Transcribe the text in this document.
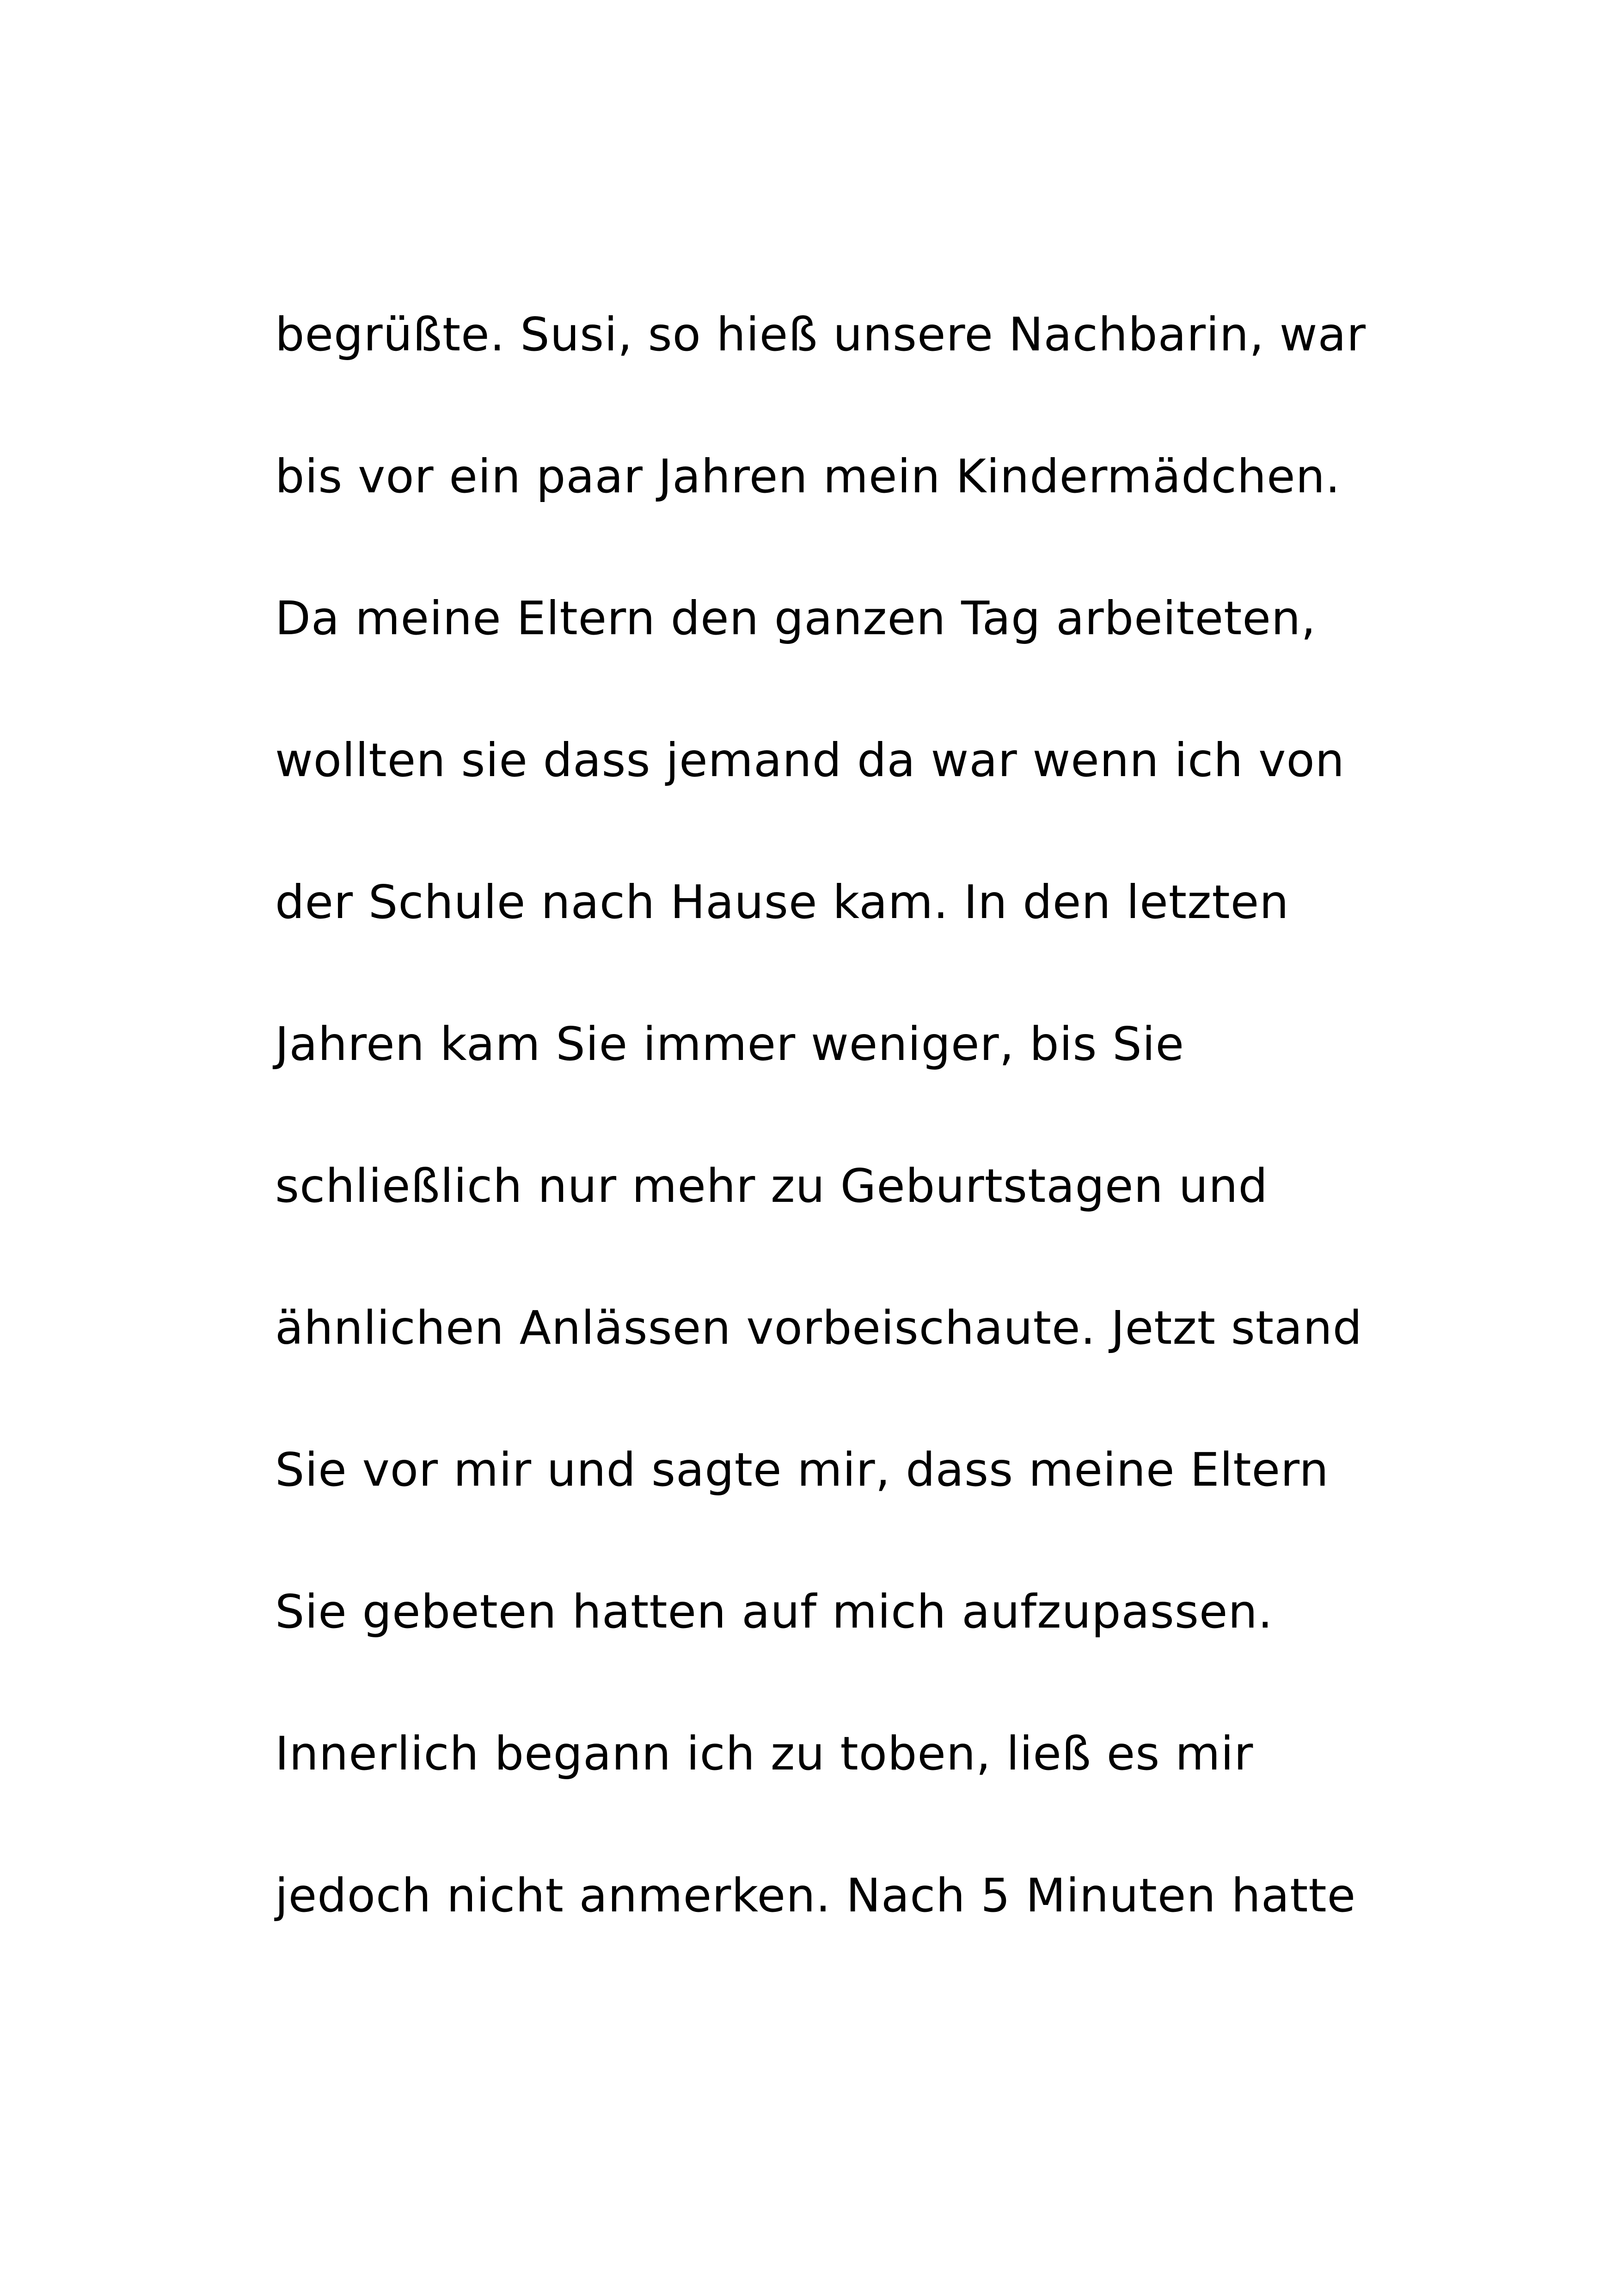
begrüßte. Susi, so hieß unsere Nachbarin, war
bis vor ein paar Jahren mein Kindermädchen.
Da meine Eltern den ganzen Tag arbeiteten,
wollten sie dass jemand da war wenn ich von
der Schule nach Hause kam. In den letzten
Jahren kam Sie immer weniger, bis Sie
schließlich nur mehr zu Geburtstagen und
ähnlichen Anlässen vorbeischaute. Jetzt stand
Sie vor mir und sagte mir, dass meine Eltern
Sie gebeten hatten auf mich aufzupassen.
Innerlich begann ich zu toben, ließ es mir
jedoch nicht anmerken. Nach 5 Minuten hatte
